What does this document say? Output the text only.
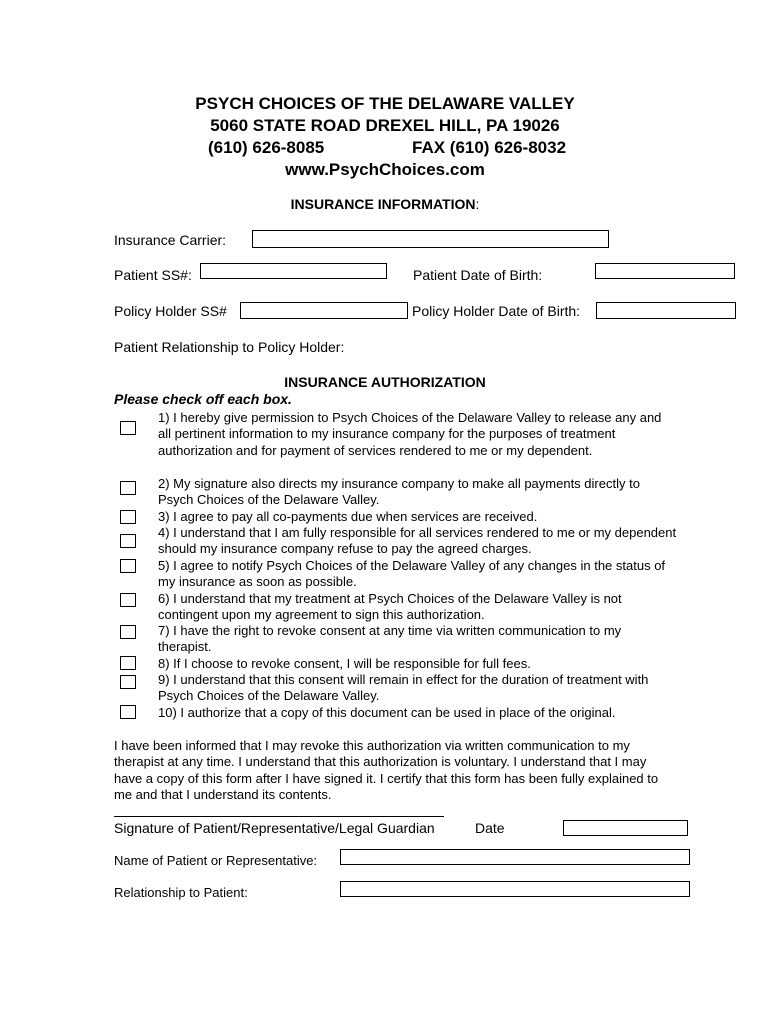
PSYCH CHOICES OF THE DELAWARE VALLEY
5060 STATE ROAD DREXEL HILL, PA 19026
(610) 626-8085	FAX (610) 626-8032
www.PsychChoices.com
INSURANCE INFORMATION:
Insurance Carrier:
Patient SS#:	Patient Date of Birth:
Policy Holder SS#	Policy Holder Date of Birth:
Patient Relationship to Policy Holder:
INSURANCE AUTHORIZATION
Please check off each box.
1) I hereby give permission to Psych Choices of the Delaware Valley to release any and all pertinent information to my insurance company for the purposes of treatment authorization and for payment of services rendered to me or my dependent.
2) My signature also directs my insurance company to make all payments directly to Psych Choices of the Delaware Valley.
3) I agree to pay all co-payments due when services are received.
4) I understand that I am fully responsible for all services rendered to me or my dependent should my insurance company refuse to pay the agreed charges.
5) I agree to notify Psych Choices of the Delaware Valley of any changes in the status of my insurance as soon as possible.
6) I understand that my treatment at Psych Choices of the Delaware Valley is not contingent upon my agreement to sign this authorization.
7) I have the right to revoke consent at any time via written communication to my therapist.
8) If I choose to revoke consent, I will be responsible for full fees.
9) I understand that this consent will remain in effect for the duration of treatment with Psych Choices of the Delaware Valley.
10) I authorize that a copy of this document can be used in place of the original.
I have been informed that I may revoke this authorization via written communication to my therapist at any time. I understand that this authorization is voluntary. I understand that I may have a copy of this form after I have signed it. I certify that this form has been fully explained to me and that I understand its contents.
Signature of Patient/Representative/Legal Guardian	Date
Name of Patient or Representative:
Relationship to Patient:
